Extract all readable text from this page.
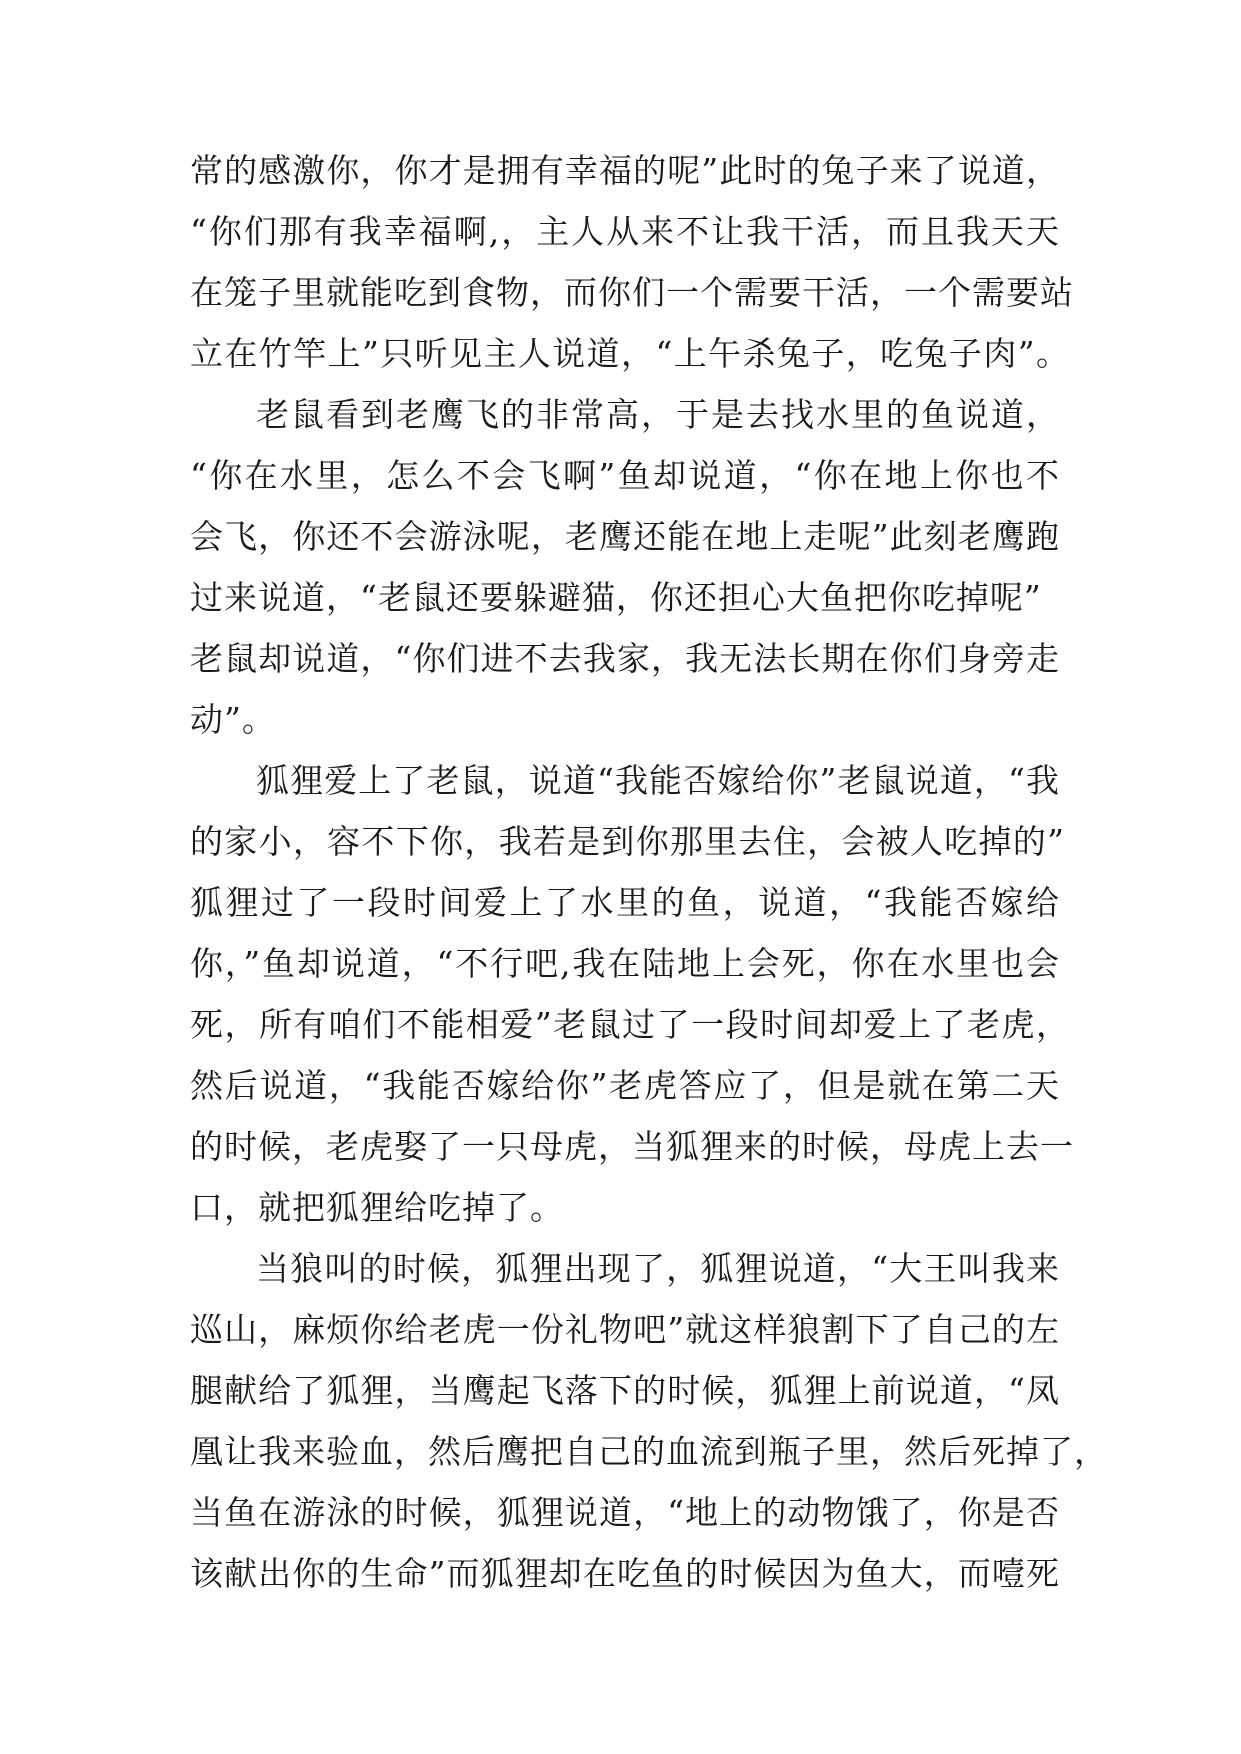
常的感激你，你才是拥有幸福的呢”此时的兔子来了说道，
“你们那有我幸福啊,，主人从来不让我干活，而且我天天
在笼子里就能吃到食物，而你们一个需要干活，一个需要站
立在竹竿上”只听见主人说道，“上午杀兔子，吃兔子肉”。
老鼠看到老鹰飞的非常高，于是去找水里的鱼说道，
“你在水里，怎么不会飞啊”鱼却说道，“你在地上你也不
会飞，你还不会游泳呢，老鹰还能在地上走呢”此刻老鹰跑
过来说道，“老鼠还要躲避猫，你还担心大鱼把你吃掉呢”
老鼠却说道，“你们进不去我家，我无法长期在你们身旁走
动”。
狐狸爱上了老鼠，说道“我能否嫁给你”老鼠说道，“我
的家小，容不下你，我若是到你那里去住，会被人吃掉的”
狐狸过了一段时间爱上了水里的鱼，说道，“我能否嫁给
你，”鱼却说道，“不行吧,我在陆地上会死，你在水里也会
死，所有咱们不能相爱”老鼠过了一段时间却爱上了老虎，
然后说道，“我能否嫁给你”老虎答应了，但是就在第二天
的时候，老虎娶了一只母虎，当狐狸来的时候，母虎上去一
口，就把狐狸给吃掉了。
当狼叫的时候，狐狸出现了，狐狸说道，“大王叫我来
巡山，麻烦你给老虎一份礼物吧”就这样狼割下了自己的左
腿献给了狐狸，当鹰起飞落下的时候，狐狸上前说道，“凤
凰让我来验血，然后鹰把自己的血流到瓶子里，然后死掉了，
当鱼在游泳的时候，狐狸说道，“地上的动物饿了，你是否
该献出你的生命”而狐狸却在吃鱼的时候因为鱼大，而噎死
